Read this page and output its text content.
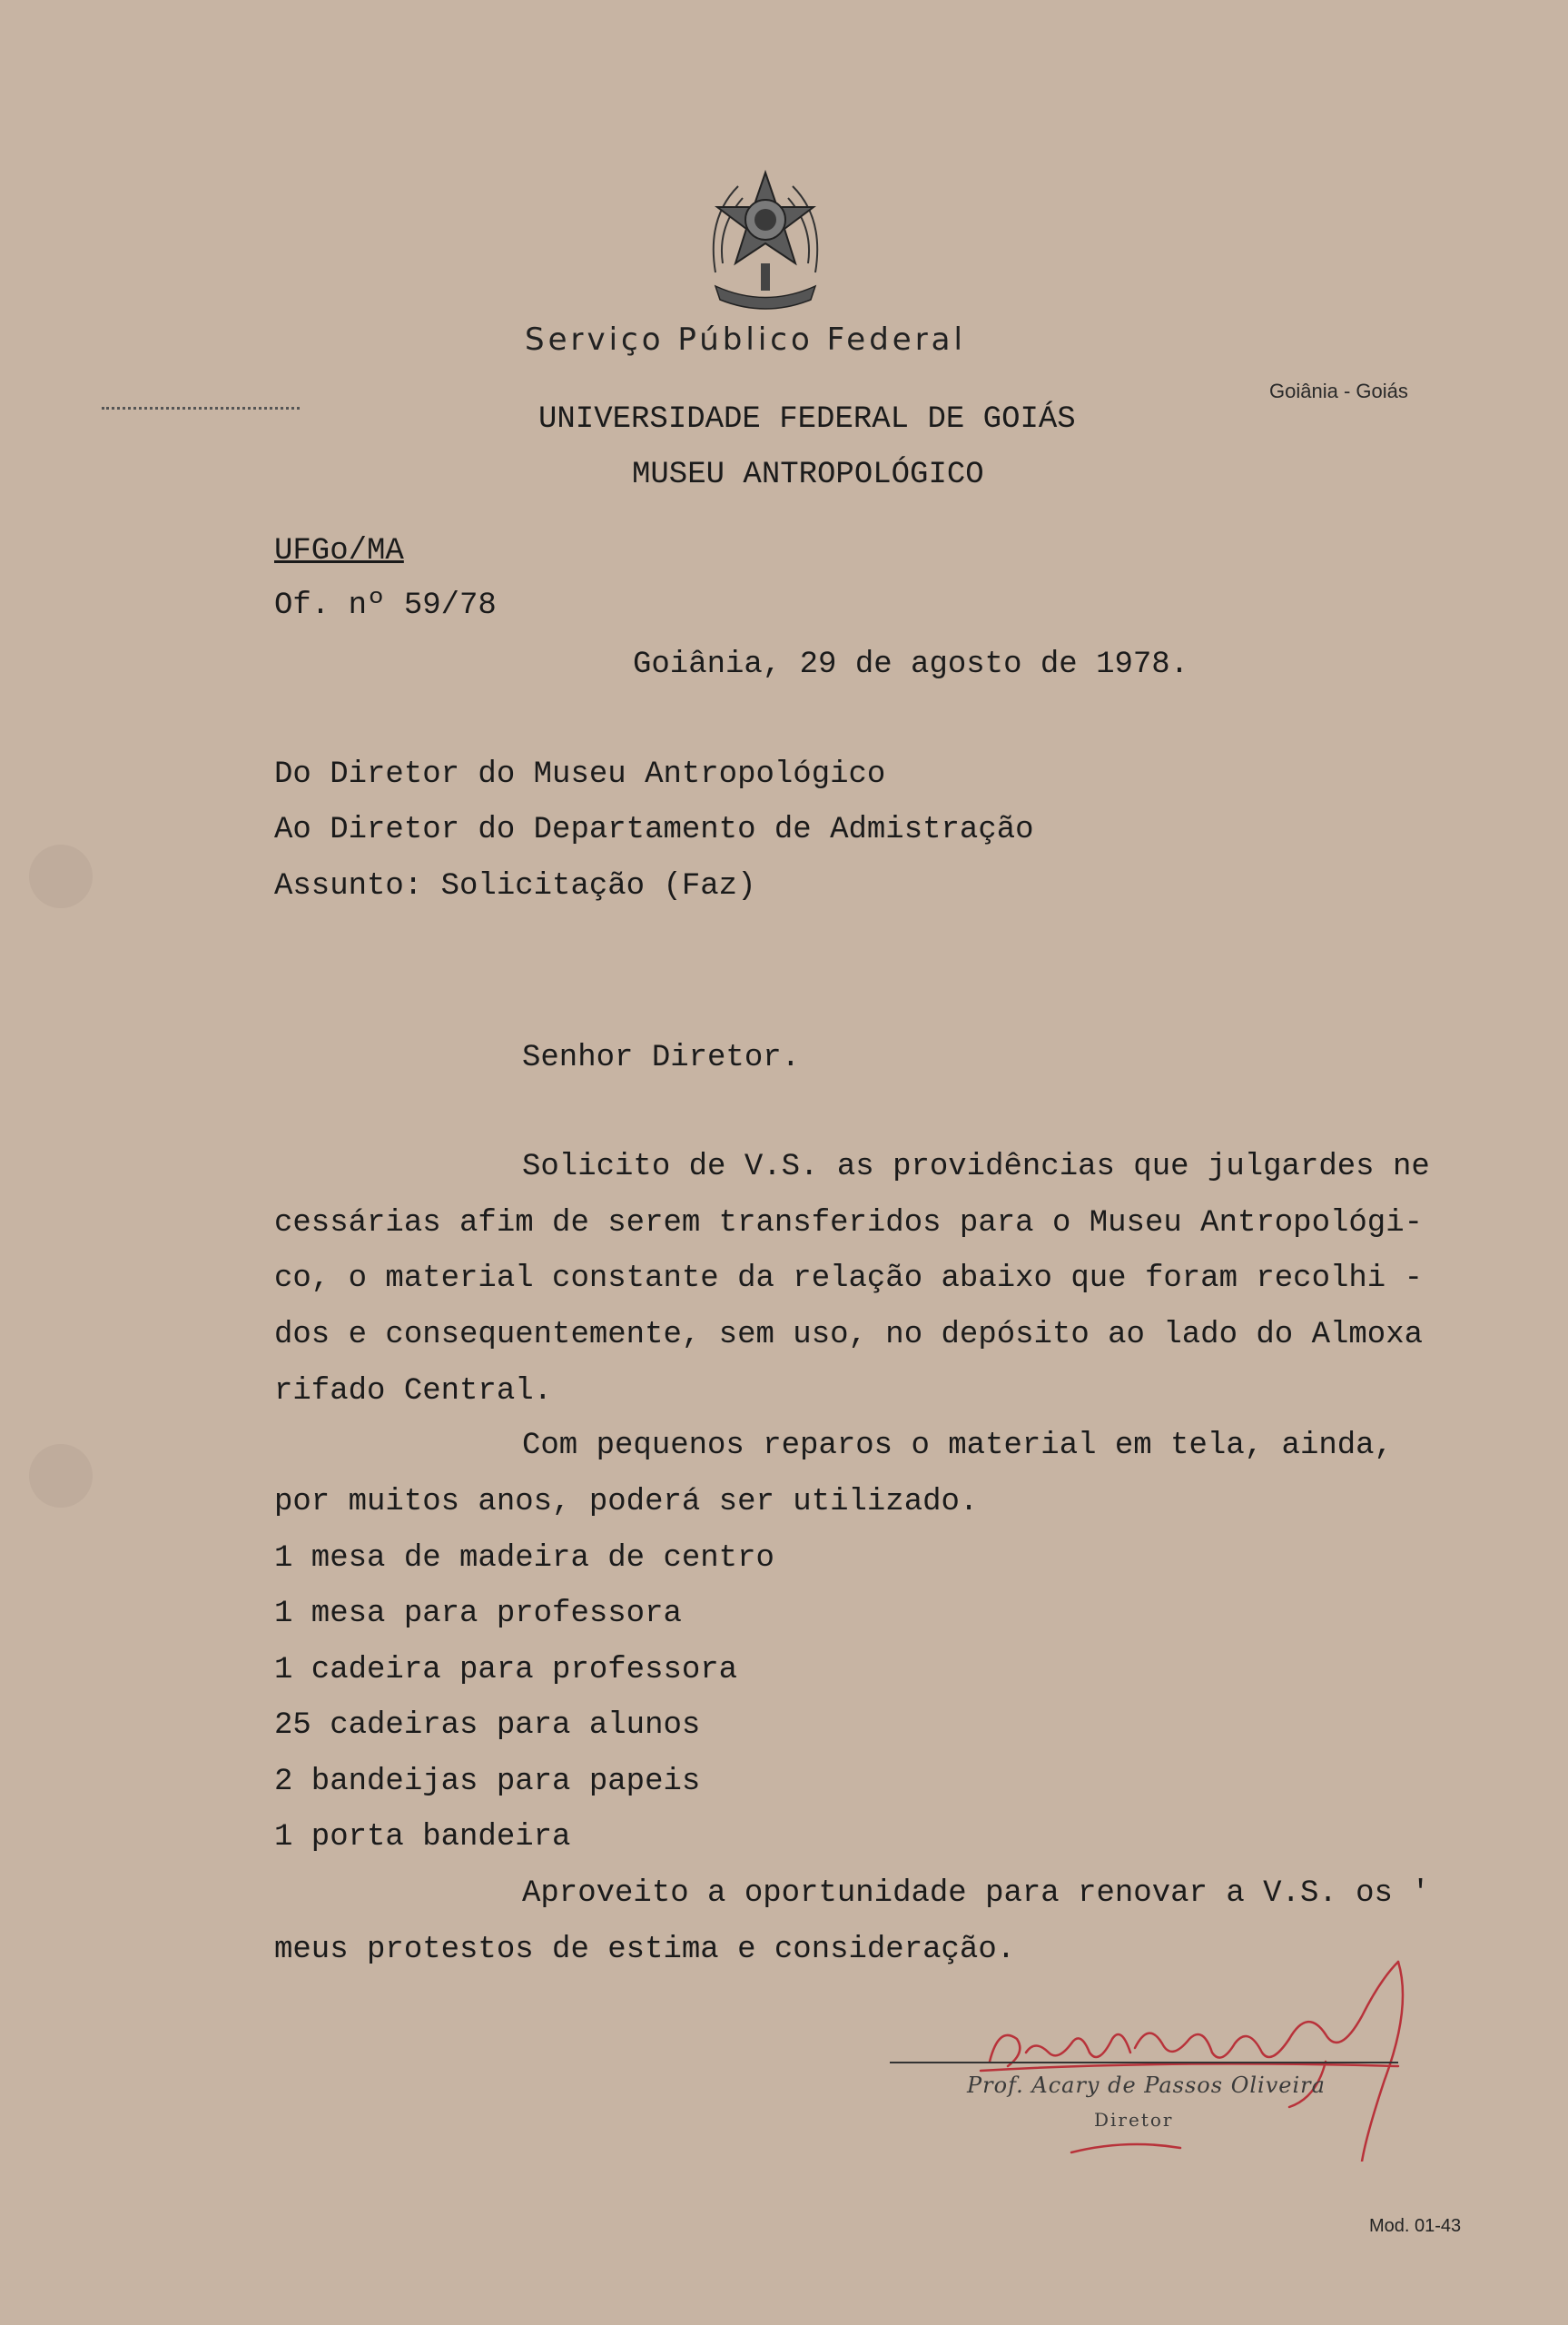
Serviço Público Federal
Goiânia - Goiás
UNIVERSIDADE FEDERAL DE GOIÁS
MUSEU ANTROPOLÓGICO
UFGo/MA
Of. nº 59/78
Goiânia, 29 de agosto de 1978.
Do Diretor do Museu Antropológico
Ao Diretor do Departamento de Admistração
Assunto: Solicitação (Faz)
Senhor Diretor.
Solicito de V.S. as providências que julgardes ne
cessárias afim de serem transferidos para o Museu Antropológi-
co, o material constante da relação abaixo que foram recolhi -
dos e consequentemente, sem uso, no depósito ao lado do Almoxa
rifado Central.
Com pequenos reparos o material em tela, ainda,
por muitos anos, poderá ser utilizado.
1 mesa de madeira de centro
1 mesa para professora
1 cadeira para professora
25 cadeiras para alunos
2 bandeijas para papeis
1 porta bandeira
Aproveito a oportunidade para renovar a V.S. os '
meus protestos de estima e consideração.
Prof. Acary de Passos Oliveira
Diretor
Mod. 01-43
